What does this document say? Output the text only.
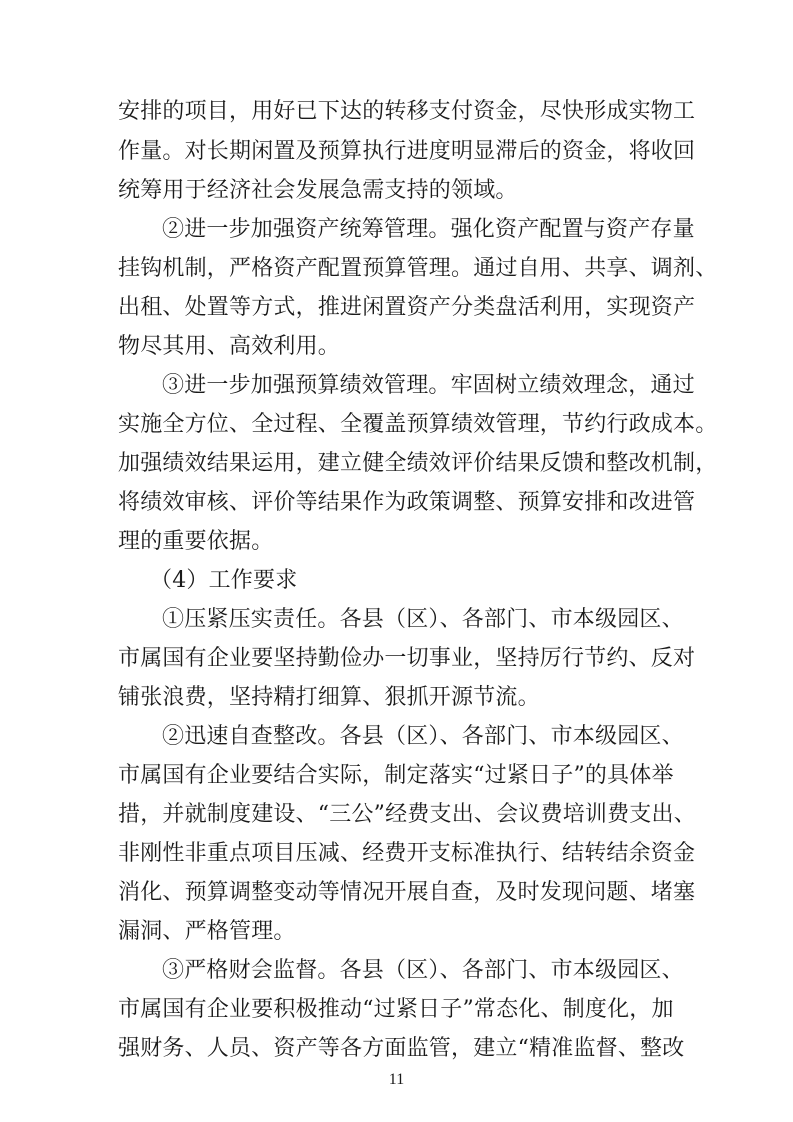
安排的项目，用好已下达的转移支付资金，尽快形成实物工
作量。对长期闲置及预算执行进度明显滞后的资金，将收回
统筹用于经济社会发展急需支持的领域。
②进一步加强资产统筹管理。强化资产配置与资产存量
挂钩机制，严格资产配置预算管理。通过自用、共享、调剂、
出租、处置等方式，推进闲置资产分类盘活利用，实现资产
物尽其用、高效利用。
③进一步加强预算绩效管理。牢固树立绩效理念，通过
实施全方位、全过程、全覆盖预算绩效管理，节约行政成本。
加强绩效结果运用，建立健全绩效评价结果反馈和整改机制，
将绩效审核、评价等结果作为政策调整、预算安排和改进管
理的重要依据。
（4）工作要求
①压紧压实责任。各县（区）、各部门、市本级园区、
市属国有企业要坚持勤俭办一切事业，坚持厉行节约、反对
铺张浪费，坚持精打细算、狠抓开源节流。
②迅速自查整改。各县（区）、各部门、市本级园区、
市属国有企业要结合实际，制定落实“过紧日子”的具体举
措，并就制度建设、“三公”经费支出、会议费培训费支出、
非刚性非重点项目压减、经费开支标准执行、结转结余资金
消化、预算调整变动等情况开展自查，及时发现问题、堵塞
漏洞、严格管理。
③严格财会监督。各县（区）、各部门、市本级园区、
市属国有企业要积极推动“过紧日子”常态化、制度化，加
强财务、人员、资产等各方面监管，建立“精准监督、整改
11
